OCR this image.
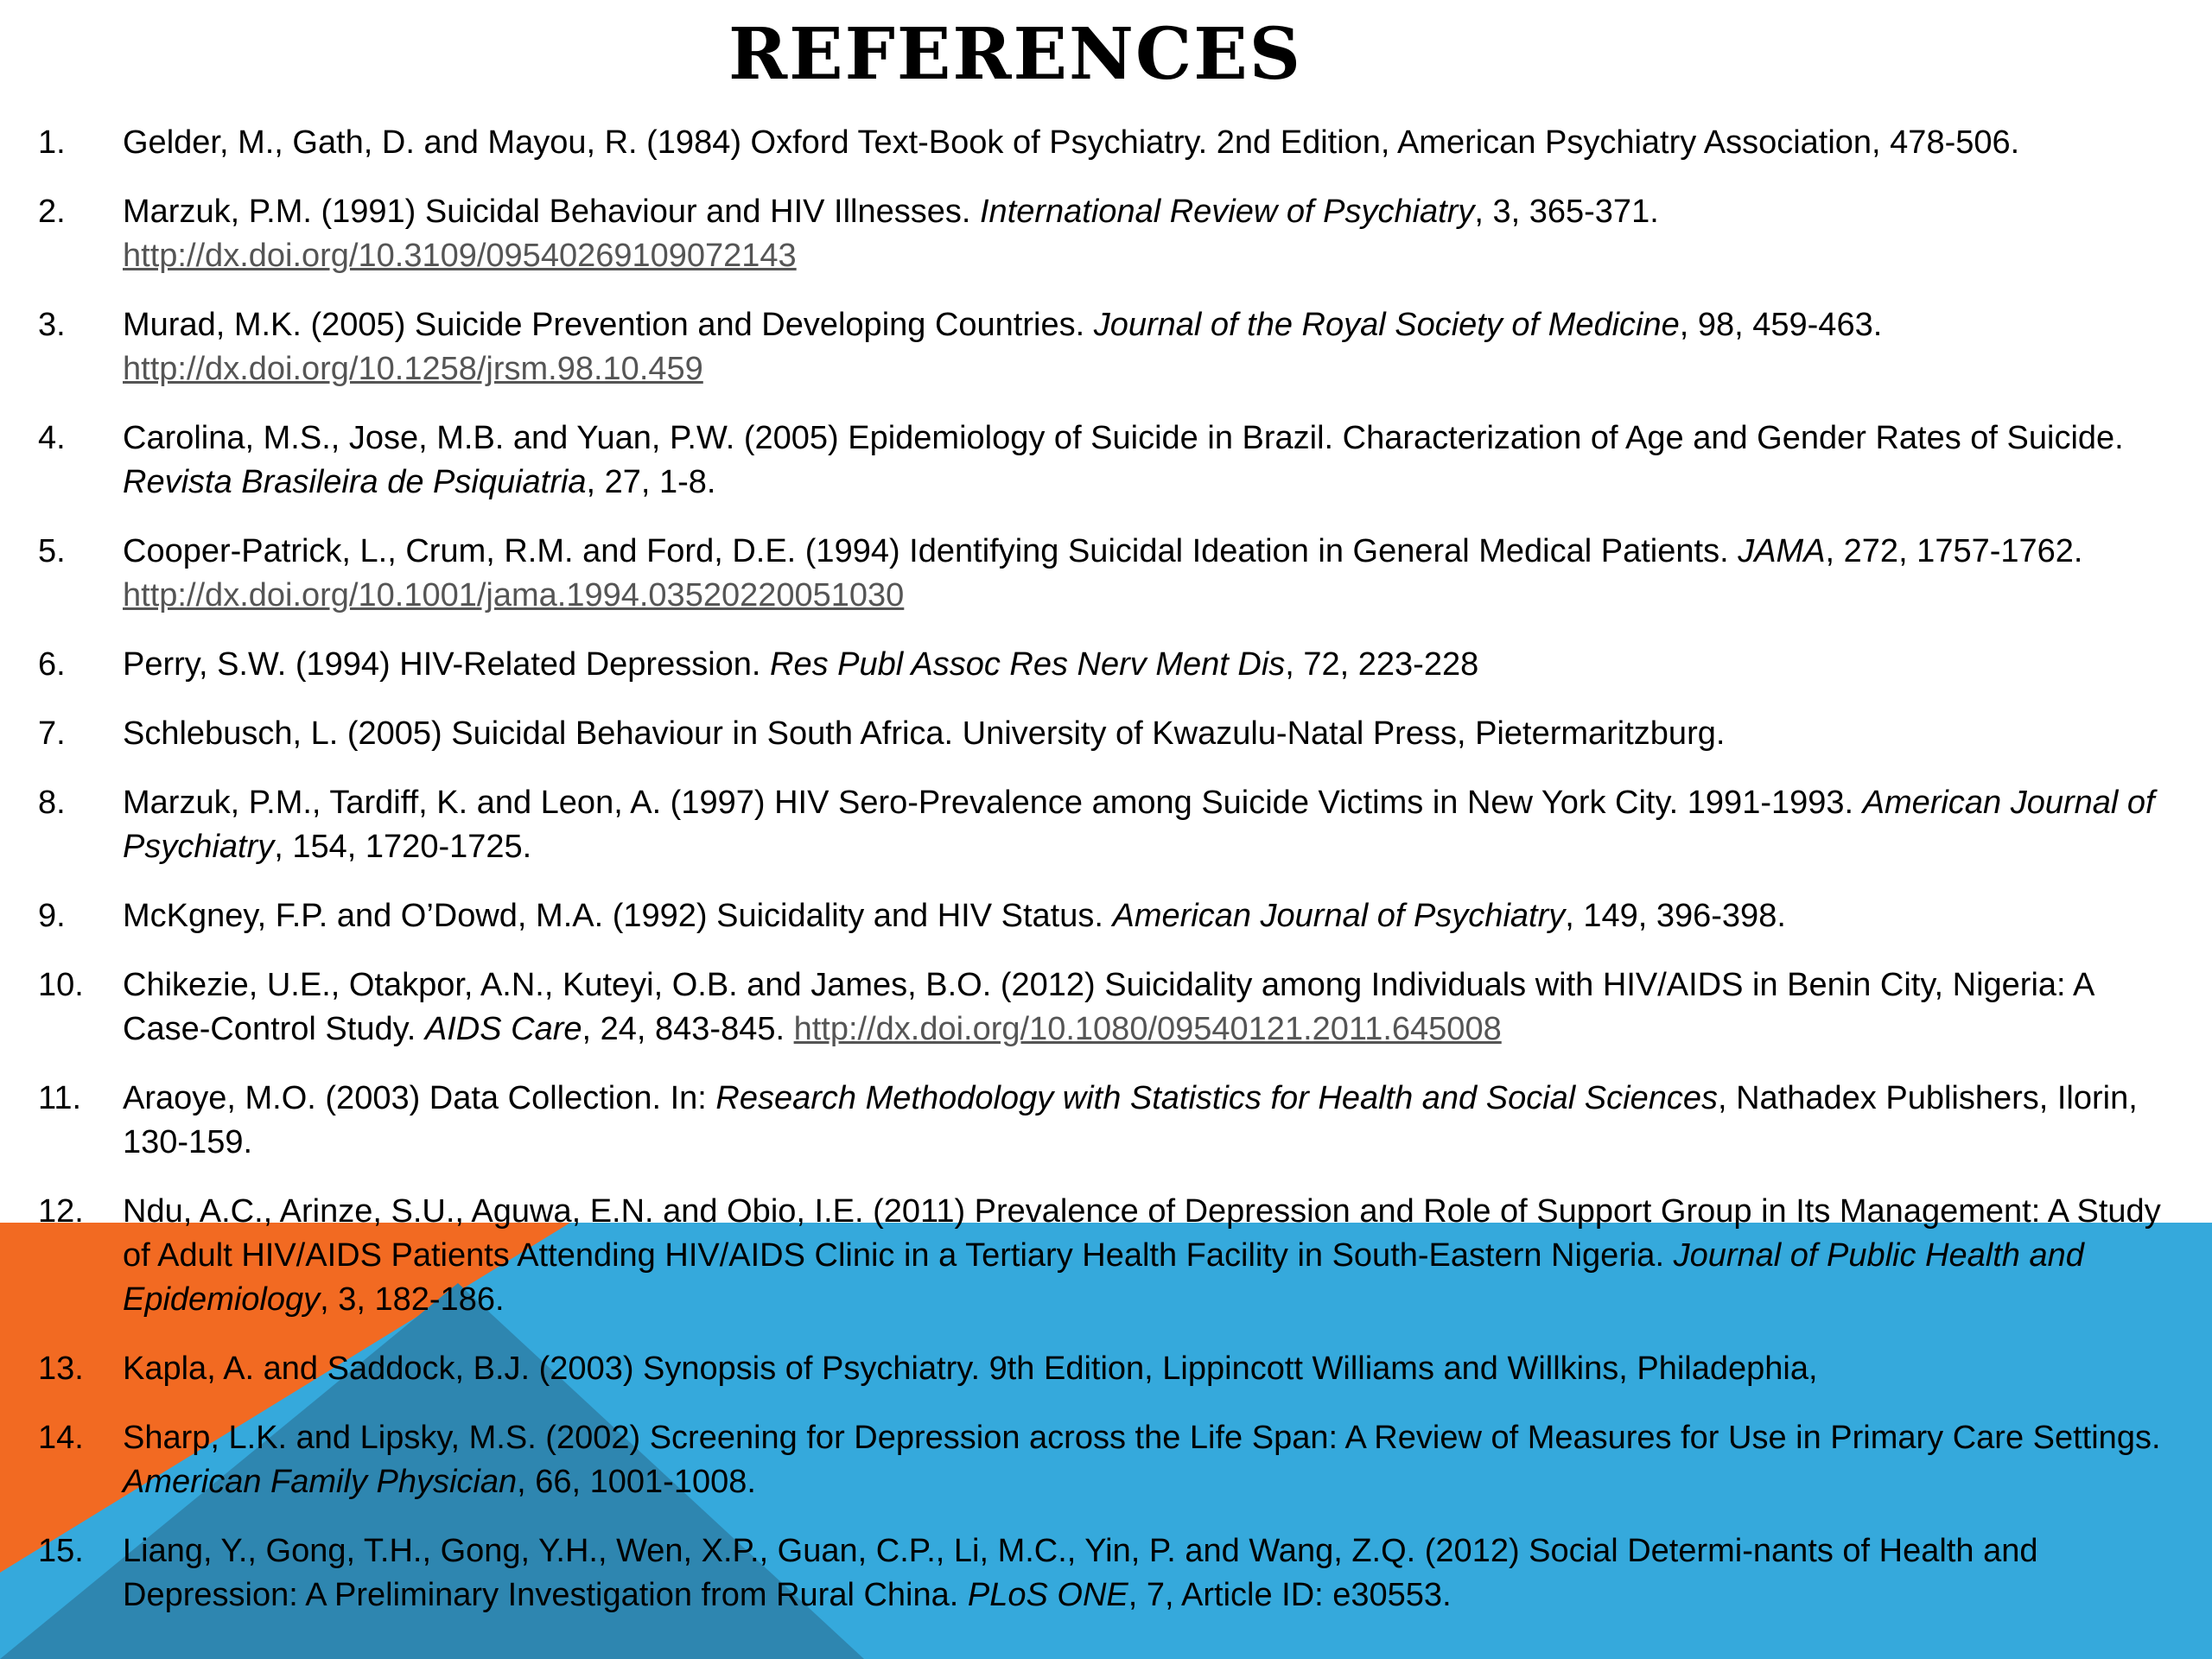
REFERENCES
1.	Gelder, M., Gath, D. and Mayou, R. (1984) Oxford Text-Book of Psychiatry. 2nd Edition, American Psychiatry Association, 478-506.
2.	Marzuk, P.M. (1991) Suicidal Behaviour and HIV Illnesses. International Review of Psychiatry, 3, 365-371.
http://dx.doi.org/10.3109/09540269109072143
3.	Murad, M.K. (2005) Suicide Prevention and Developing Countries. Journal of the Royal Society of Medicine, 98, 459-463.
http://dx.doi.org/10.1258/jrsm.98.10.459
4.	Carolina, M.S., Jose, M.B. and Yuan, P.W. (2005) Epidemiology of Suicide in Brazil. Characterization of Age and Gender Rates of Suicide. Revista Brasileira de Psiquiatria, 27, 1-8.
5.	Cooper-Patrick, L., Crum, R.M. and Ford, D.E. (1994) Identifying Suicidal Ideation in General Medical Patients. JAMA, 272, 1757-1762. http://dx.doi.org/10.1001/jama.1994.03520220051030
6.	Perry, S.W. (1994) HIV-Related Depression. Res Publ Assoc Res Nerv Ment Dis, 72, 223-228
7.	Schlebusch, L. (2005) Suicidal Behaviour in South Africa. University of Kwazulu-Natal Press, Pietermaritzburg.
8.	Marzuk, P.M., Tardiff, K. and Leon, A. (1997) HIV Sero-Prevalence among Suicide Victims in New York City. 1991-1993. American Journal of Psychiatry, 154, 1720-1725.
9.	McKgney, F.P. and O’Dowd, M.A. (1992) Suicidality and HIV Status. American Journal of Psychiatry, 149, 396-398.
10.	Chikezie, U.E., Otakpor, A.N., Kuteyi, O.B. and James, B.O. (2012) Suicidality among Individuals with HIV/AIDS in Benin City, Nigeria: A Case-Control Study. AIDS Care, 24, 843-845. http://dx.doi.org/10.1080/09540121.2011.645008
11.	Araoye, M.O. (2003) Data Collection. In: Research Methodology with Statistics for Health and Social Sciences, Nathadex Publishers, Ilorin, 130-159.
12.	Ndu, A.C., Arinze, S.U., Aguwa, E.N. and Obio, I.E. (2011) Prevalence of Depression and Role of Support Group in Its Management: A Study of Adult HIV/AIDS Patients Attending HIV/AIDS Clinic in a Tertiary Health Facility in South-Eastern Nigeria. Journal of Public Health and Epidemiology, 3, 182-186.
13.	Kapla, A. and Saddock, B.J. (2003) Synopsis of Psychiatry. 9th Edition, Lippincott Williams and Willkins, Philadephia,
14.	Sharp, L.K. and Lipsky, M.S. (2002) Screening for Depression across the Life Span: A Review of Measures for Use in Primary Care Settings. American Family Physician, 66, 1001-1008.
15.	Liang, Y., Gong, T.H., Gong, Y.H., Wen, X.P., Guan, C.P., Li, M.C., Yin, P. and Wang, Z.Q. (2012) Social Determi-nants of Health and Depression: A Preliminary Investigation from Rural China. PLoS ONE, 7, Article ID: e30553.
